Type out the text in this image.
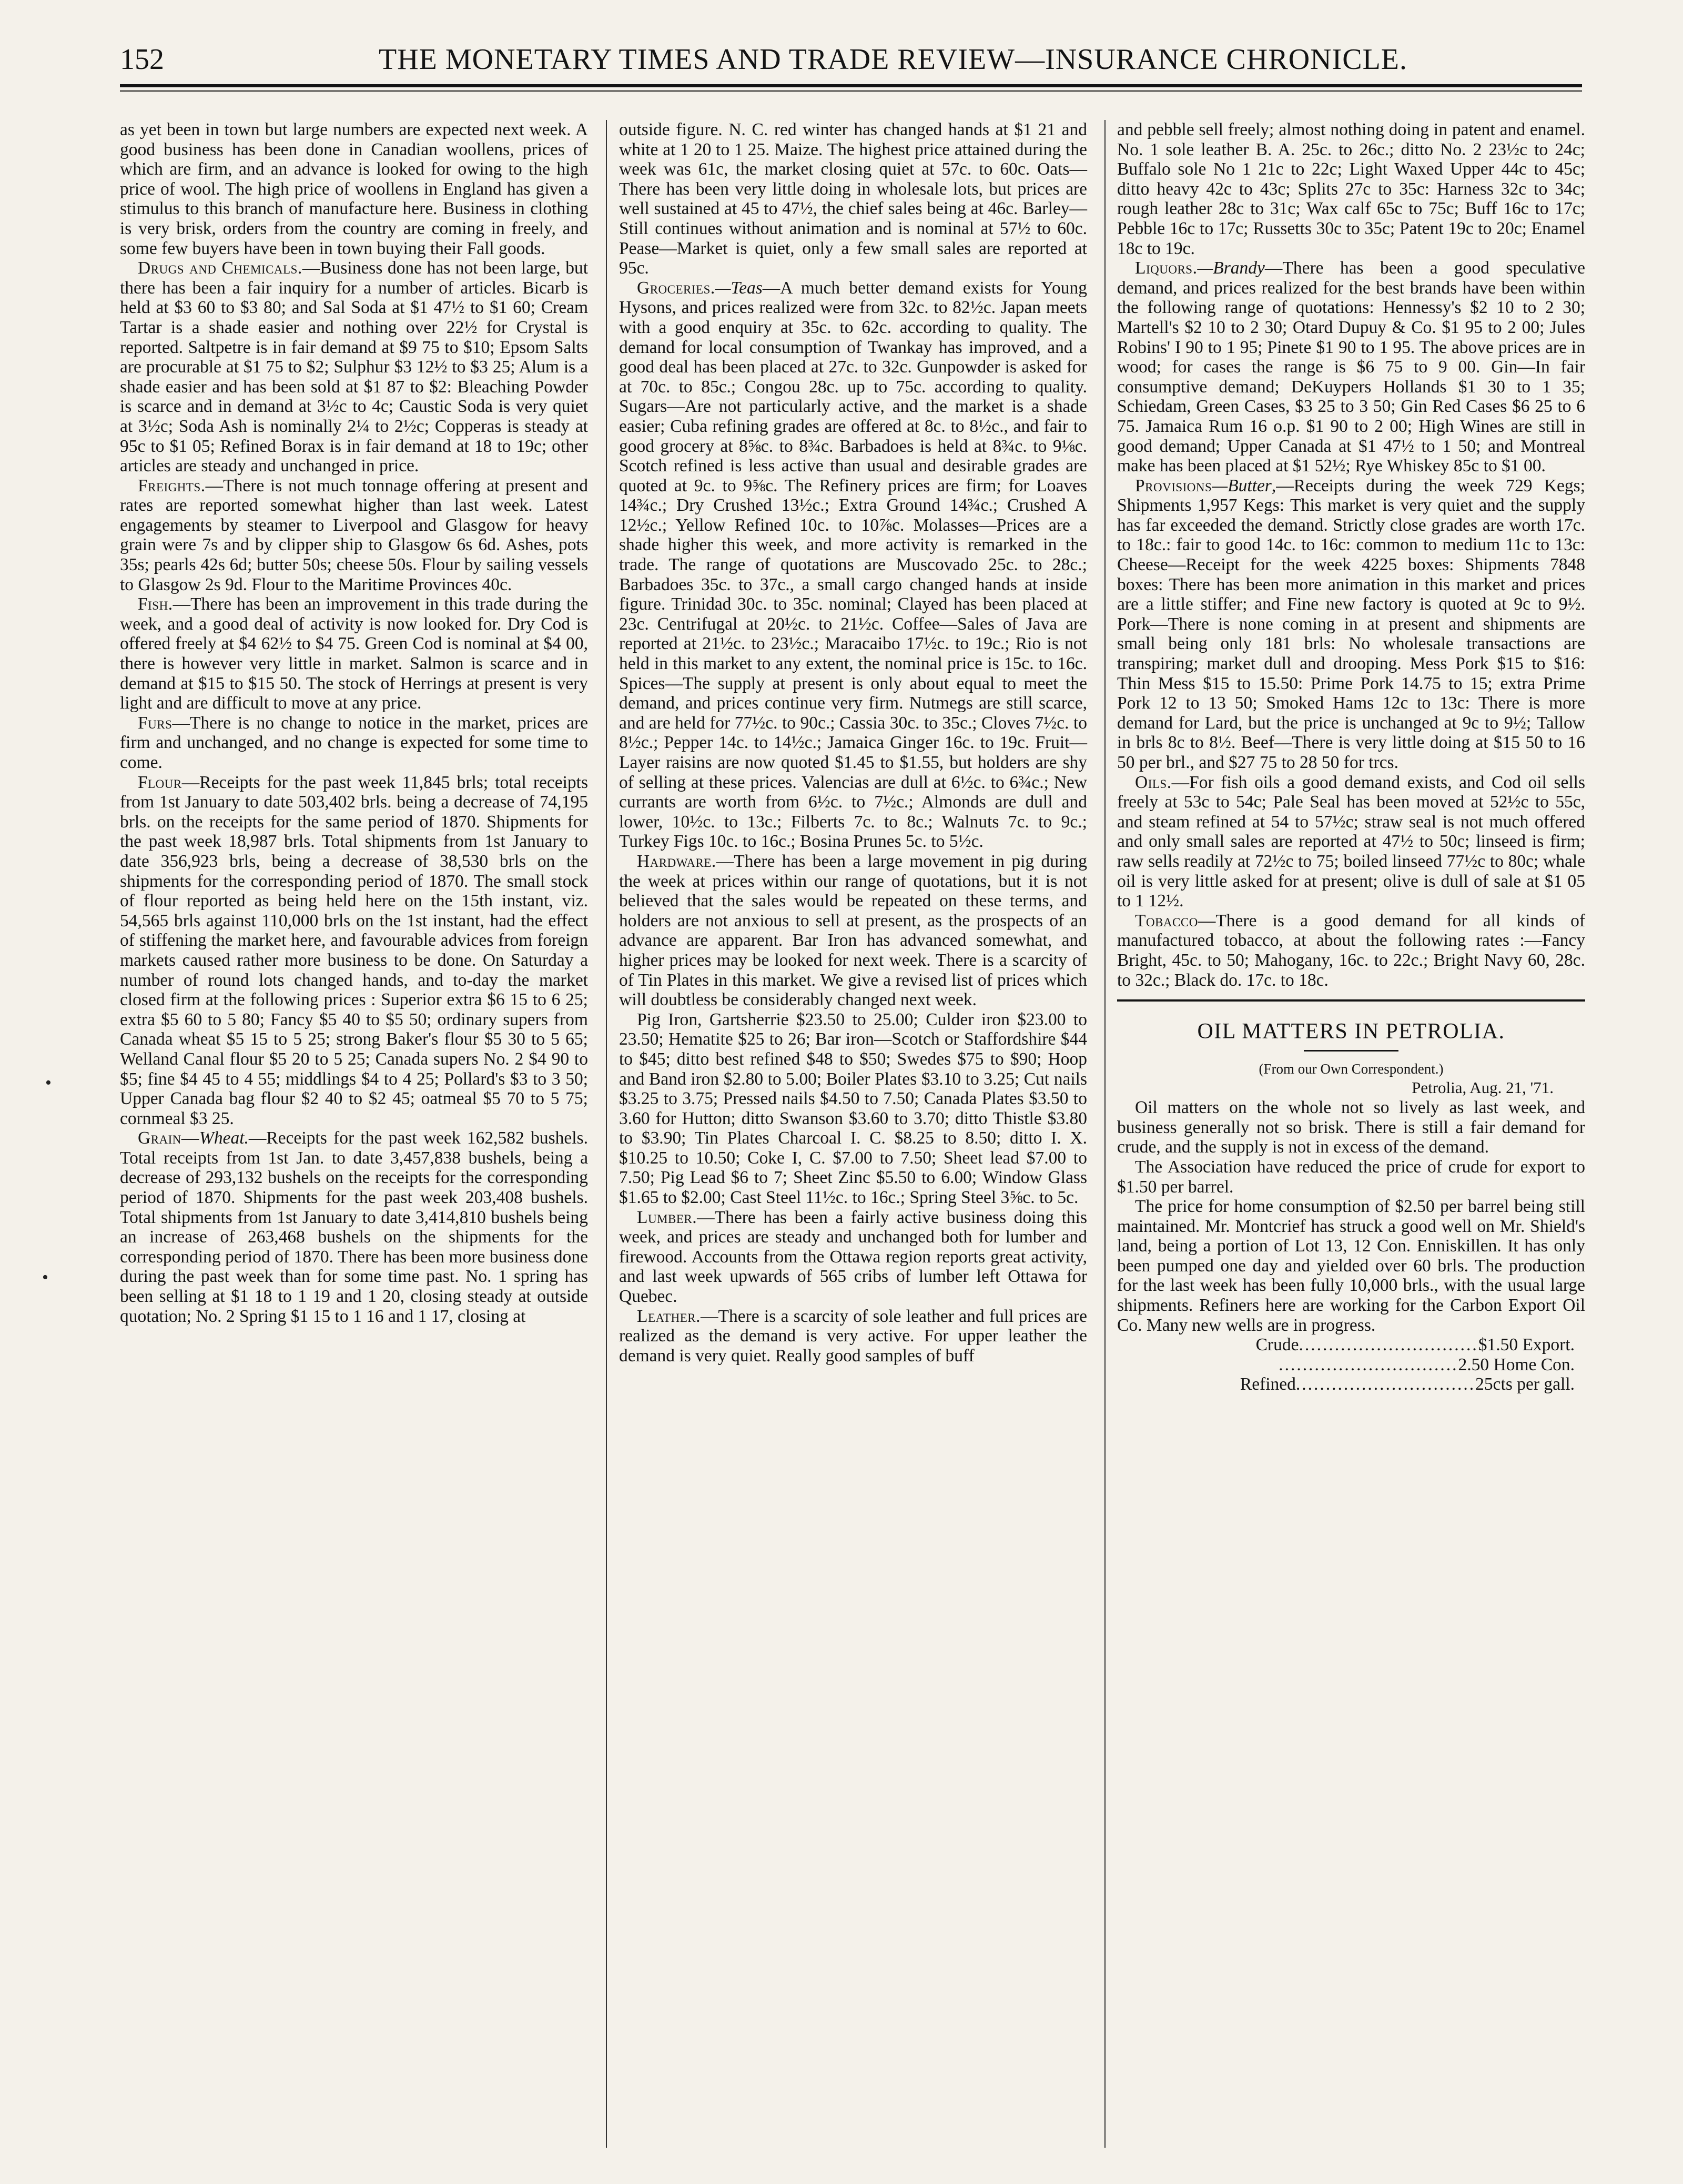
152	THE MONETARY TIMES AND TRADE REVIEW—INSURANCE CHRONICLE.
•
•

as yet been in town but large numbers are expected next week. A good business has been done in Canadian woollens, prices of which are firm, and an advance is looked for owing to the high price of wool. The high price of woollens in England has given a stimulus to this branch of manufacture here. Business in clothing is very brisk, orders from the country are coming in freely, and some few buyers have been in town buying their Fall goods.

Drugs and Chemicals.—Business done has not been large, but there has been a fair inquiry for a number of articles. Bicarb is held at $3 60 to $3 80; and Sal Soda at $1 47½ to $1 60; Cream Tartar is a shade easier and nothing over 22½ for Crystal is reported. Saltpetre is in fair demand at $9 75 to $10; Epsom Salts are procurable at $1 75 to $2; Sulphur $3 12½ to $3 25; Alum is a shade easier and has been sold at $1 87 to $2: Bleaching Powder is scarce and in demand at 3½c to 4c; Caustic Soda is very quiet at 3½c; Soda Ash is nominally 2¼ to 2½c; Copperas is steady at 95c to $1 05; Refined Borax is in fair demand at 18 to 19c; other articles are steady and unchanged in price.

Freights.—There is not much tonnage offering at present and rates are reported somewhat higher than last week. Latest engagements by steamer to Liverpool and Glasgow for heavy grain were 7s and by clipper ship to Glasgow 6s 6d. Ashes, pots 35s; pearls 42s 6d; butter 50s; cheese 50s. Flour by sailing vessels to Glasgow 2s 9d. Flour to the Maritime Provinces 40c.

Fish.—There has been an improvement in this trade during the week, and a good deal of activity is now looked for. Dry Cod is offered freely at $4 62½ to $4 75. Green Cod is nominal at $4 00, there is however very little in market. Salmon is scarce and in demand at $15 to $15 50. The stock of Herrings at present is very light and are difficult to move at any price.

Furs—There is no change to notice in the market, prices are firm and unchanged, and no change is expected for some time to come.

Flour—Receipts for the past week 11,845 brls; total receipts from 1st January to date 503,402 brls. being a decrease of 74,195 brls. on the receipts for the same period of 1870. Shipments for the past week 18,987 brls. Total shipments from 1st January to date 356,923 brls, being a decrease of 38,530 brls on the shipments for the corresponding period of 1870. The small stock of flour reported as being held here on the 15th instant, viz. 54,565 brls against 110,000 brls on the 1st instant, had the effect of stiffening the market here, and favourable advices from foreign markets caused rather more business to be done. On Saturday a number of round lots changed hands, and to-day the market closed firm at the following prices : Superior extra $6 15 to 6 25; extra $5 60 to 5 80; Fancy $5 40 to $5 50; ordinary supers from Canada wheat $5 15 to 5 25; strong Baker's flour $5 30 to 5 65; Welland Canal flour $5 20 to 5 25; Canada supers No. 2 $4 90 to $5; fine $4 45 to 4 55; middlings $4 to 4 25; Pollard's $3 to 3 50; Upper Canada bag flour $2 40 to $2 45; oatmeal $5 70 to 5 75; cornmeal $3 25.

Grain—Wheat.—Receipts for the past week 162,582 bushels. Total receipts from 1st Jan. to date 3,457,838 bushels, being a decrease of 293,132 bushels on the receipts for the corresponding period of 1870. Shipments for the past week 203,408 bushels. Total shipments from 1st January to date 3,414,810 bushels being an increase of 263,468 bushels on the shipments for the corresponding period of 1870. There has been more business done during the past week than for some time past. No. 1 spring has been selling at $1 18 to 1 19 and 1 20, closing steady at outside quotation; No. 2 Spring $1 15 to 1 16 and 1 17, closing at

outside figure. N. C. red winter has changed hands at $1 21 and white at 1 20 to 1 25. Maize. The highest price attained during the week was 61c, the market closing quiet at 57c. to 60c. Oats—There has been very little doing in wholesale lots, but prices are well sustained at 45 to 47½, the chief sales being at 46c. Barley—Still continues without animation and is nominal at 57½ to 60c. Pease—Market is quiet, only a few small sales are reported at 95c.

Groceries.—Teas—A much better demand exists for Young Hysons, and prices realized were from 32c. to 82½c. Japan meets with a good enquiry at 35c. to 62c. according to quality. The demand for local consumption of Twankay has improved, and a good deal has been placed at 27c. to 32c. Gunpowder is asked for at 70c. to 85c.; Congou 28c. up to 75c. according to quality. Sugars—Are not particularly active, and the market is a shade easier; Cuba refining grades are offered at 8c. to 8½c., and fair to good grocery at 8⅝c. to 8¾c. Barbadoes is held at 8¾c. to 9⅛c. Scotch refined is less active than usual and desirable grades are quoted at 9c. to 9⅝c. The Refinery prices are firm; for Loaves 14¾c.; Dry Crushed 13½c.; Extra Ground 14¾c.; Crushed A 12½c.; Yellow Refined 10c. to 10⅞c. Molasses—Prices are a shade higher this week, and more activity is remarked in the trade. The range of quotations are Muscovado 25c. to 28c.; Barbadoes 35c. to 37c., a small cargo changed hands at inside figure. Trinidad 30c. to 35c. nominal; Clayed has been placed at 23c. Centrifugal at 20½c. to 21½c. Coffee—Sales of Java are reported at 21½c. to 23½c.; Maracaibo 17½c. to 19c.; Rio is not held in this market to any extent, the nominal price is 15c. to 16c. Spices—The supply at present is only about equal to meet the demand, and prices continue very firm. Nutmegs are still scarce, and are held for 77½c. to 90c.; Cassia 30c. to 35c.; Cloves 7½c. to 8½c.; Pepper 14c. to 14½c.; Jamaica Ginger 16c. to 19c. Fruit—Layer raisins are now quoted $1.45 to $1.55, but holders are shy of selling at these prices. Valencias are dull at 6½c. to 6¾c.; New currants are worth from 6½c. to 7½c.; Almonds are dull and lower, 10½c. to 13c.; Filberts 7c. to 8c.; Walnuts 7c. to 9c.; Turkey Figs 10c. to 16c.; Bosina Prunes 5c. to 5½c.

Hardware.—There has been a large movement in pig during the week at prices within our range of quotations, but it is not believed that the sales would be repeated on these terms, and holders are not anxious to sell at present, as the prospects of an advance are apparent. Bar Iron has advanced somewhat, and higher prices may be looked for next week. There is a scarcity of of Tin Plates in this market. We give a revised list of prices which will doubtless be considerably changed next week.

Pig Iron, Gartsherrie $23.50 to 25.00; Culder iron $23.00 to 23.50; Hematite $25 to 26; Bar iron—Scotch or Staffordshire $44 to $45; ditto best refined $48 to $50; Swedes $75 to $90; Hoop and Band iron $2.80 to 5.00; Boiler Plates $3.10 to 3.25; Cut nails $3.25 to 3.75; Pressed nails $4.50 to 7.50; Canada Plates $3.50 to 3.60 for Hutton; ditto Swanson $3.60 to 3.70; ditto Thistle $3.80 to $3.90; Tin Plates Charcoal I. C. $8.25 to 8.50; ditto I. X. $10.25 to 10.50; Coke I, C. $7.00 to 7.50; Sheet lead $7.00 to 7.50; Pig Lead $6 to 7; Sheet Zinc $5.50 to 6.00; Window Glass $1.65 to $2.00; Cast Steel 11½c. to 16c.; Spring Steel 3⅝c. to 5c.

Lumber.—There has been a fairly active business doing this week, and prices are steady and unchanged both for lumber and firewood. Accounts from the Ottawa region reports great activity, and last week upwards of 565 cribs of lumber left Ottawa for Quebec.

Leather.—There is a scarcity of sole leather and full prices are realized as the demand is very active. For upper leather the demand is very quiet. Really good samples of buff

and pebble sell freely; almost nothing doing in patent and enamel. No. 1 sole leather B. A. 25c. to 26c.; ditto No. 2 23½c to 24c; Buffalo sole No 1 21c to 22c; Light Waxed Upper 44c to 45c; ditto heavy 42c to 43c; Splits 27c to 35c: Harness 32c to 34c; rough leather 28c to 31c; Wax calf 65c to 75c; Buff 16c to 17c; Pebble 16c to 17c; Russetts 30c to 35c; Patent 19c to 20c; Enamel 18c to 19c.

Liquors.—Brandy—There has been a good speculative demand, and prices realized for the best brands have been within the following range of quotations: Hennessy's $2 10 to 2 30; Martell's $2 10 to 2 30; Otard Dupuy & Co. $1 95 to 2 00; Jules Robins' I 90 to 1 95; Pinete $1 90 to 1 95. The above prices are in wood; for cases the range is $6 75 to 9 00. Gin—In fair consumptive demand; DeKuypers Hollands $1 30 to 1 35; Schiedam, Green Cases, $3 25 to 3 50; Gin Red Cases $6 25 to 6 75. Jamaica Rum 16 o.p. $1 90 to 2 00; High Wines are still in good demand; Upper Canada at $1 47½ to 1 50; and Montreal make has been placed at $1 52½; Rye Whiskey 85c to $1 00.

Provisions—Butter,—Receipts during the week 729 Kegs; Shipments 1,957 Kegs: This market is very quiet and the supply has far exceeded the demand. Strictly close grades are worth 17c. to 18c.: fair to good 14c. to 16c: common to medium 11c to 13c: Cheese—Receipt for the week 4225 boxes: Shipments 7848 boxes: There has been more animation in this market and prices are a little stiffer; and Fine new factory is quoted at 9c to 9½. Pork—There is none coming in at present and shipments are small being only 181 brls: No wholesale transactions are transpiring; market dull and drooping. Mess Pork $15 to $16: Thin Mess $15 to 15.50: Prime Pork 14.75 to 15; extra Prime Pork 12 to 13 50; Smoked Hams 12c to 13c: There is more demand for Lard, but the price is unchanged at 9c to 9½; Tallow in brls 8c to 8½. Beef—There is very little doing at $15 50 to 16 50 per brl., and $27 75 to 28 50 for trcs.

Oils.—For fish oils a good demand exists, and Cod oil sells freely at 53c to 54c; Pale Seal has been moved at 52½c to 55c, and steam refined at 54 to 57½c; straw seal is not much offered and only small sales are reported at 47½ to 50c; linseed is firm; raw sells readily at 72½c to 75; boiled linseed 77½c to 80c; whale oil is very little asked for at present; olive is dull of sale at $1 05 to 1 12½.

Tobacco—There is a good demand for all kinds of manufactured tobacco, at about the following rates :—Fancy Bright, 45c. to 50; Mahogany, 16c. to 22c.; Bright Navy 60, 28c. to 32c.; Black do. 17c. to 18c.

OIL MATTERS IN PETROLIA.
(From our Own Correspondent.)
Petrolia, Aug. 21, '71.

Oil matters on the whole not so lively as last week, and business generally not so brisk. There is still a fair demand for crude, and the supply is not in excess of the demand.

The Association have reduced the price of crude for export to $1.50 per barrel.

The price for home consumption of $2.50 per barrel being still maintained. Mr. Montcrief has struck a good well on Mr. Shield's land, being a portion of Lot 13, 12 Con. Enniskillen. It has only been pumped one day and yielded over 60 brls. The production for the last week has been fully 10,000 brls., with the usual large shipments. Refiners here are working for the Carbon Export Oil Co. Many new wells are in progress.

Crude .............................. $1.50 Export.
.............................. 2.50 Home Con.
Refined .............................. 25cts per gall.
